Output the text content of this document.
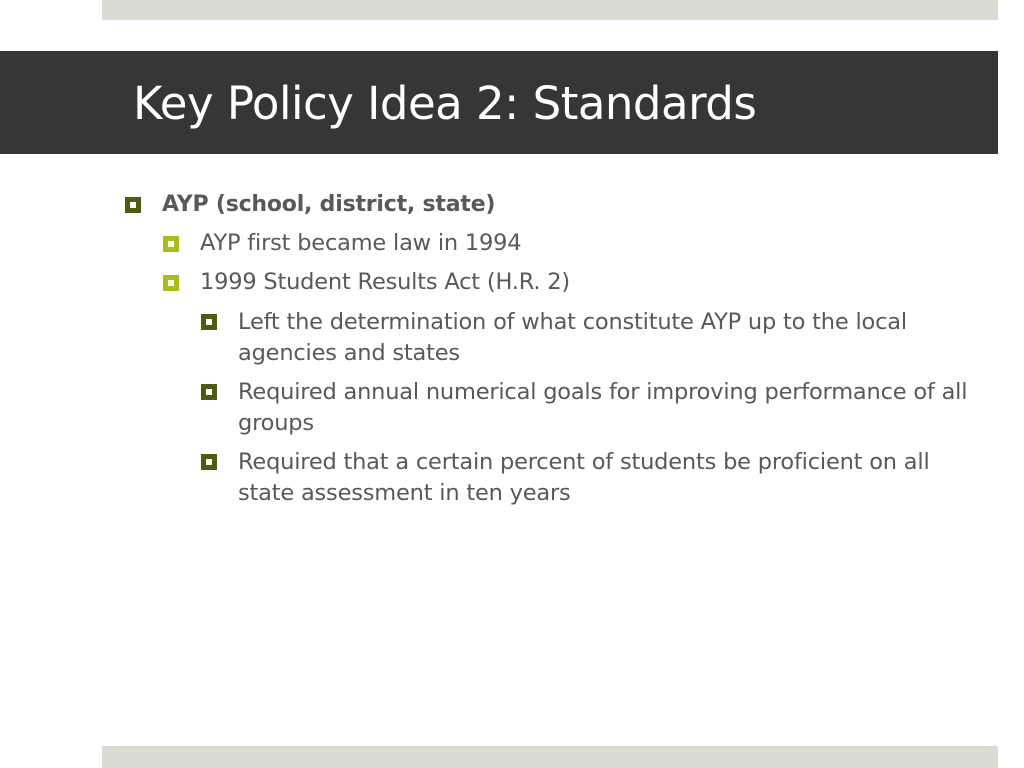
Key Policy Idea 2: Standards
AYP (school, district, state)
AYP first became law in 1994
1999 Student Results Act (H.R. 2)
Left the determination of what constitute AYP up to the local agencies and states
Required annual numerical goals for improving performance of all groups
Required that a certain percent of students be proficient on all state assessment in ten years
